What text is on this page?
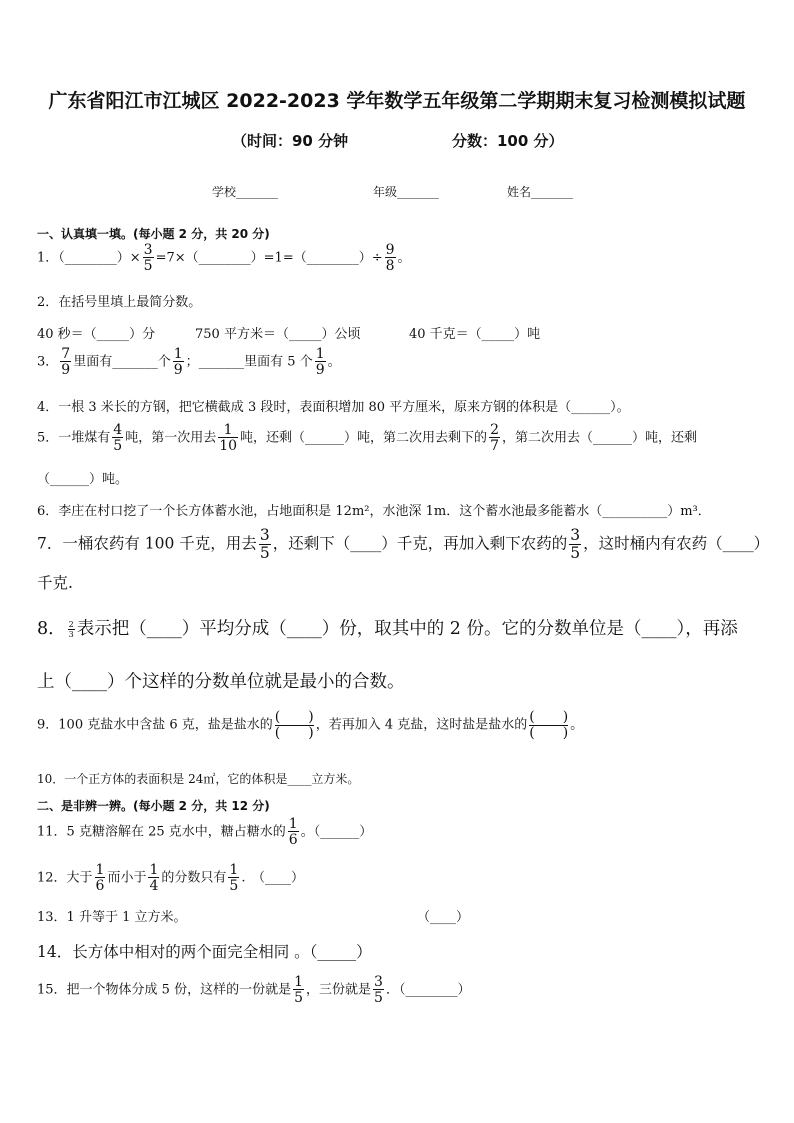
广东省阳江市江城区 2022-2023 学年数学五年级第二学期期末复习检测模拟试题
（时间：90 分钟	分数：100 分）
学校_______	年级_______	姓名_______
一、认真填一填。(每小题 2 分，共 20 分)
1．（________）× $\frac{3}{5}$ =7×（________）=1=（________）÷ $\frac{9}{8}$ 。
2．在括号里填上最简分数。
40 秒＝（_____）分	750 平方米＝（_____）公顷	40 千克＝（_____）吨
3． $\frac{7}{9}$ 里面有_______个 $\frac{1}{9}$ ；_______里面有 5 个 $\frac{1}{9}$ 。
4．一根 3 米长的方钢，把它横截成 3 段时，表面积增加 80 平方厘米，原来方钢的体积是（______）。
5．一堆煤有 $\frac{4}{5}$ 吨，第一次用去 $\frac{1}{10}$ 吨，还剩（______）吨，第二次用去剩下的 $\frac{2}{7}$ ，第二次用去（______）吨，还剩
（______）吨。
6．李庄在村口挖了一个长方体蓄水池，占地面积是 12m²，水池深 1m．这个蓄水池最多能蓄水（__________）m³．
7．一桶农药有 100 千克，用去 $\frac{3}{5}$ ，还剩下（____）千克，再加入剩下农药的 $\frac{3}{5}$ ，这时桶内有农药（____）
千克.
8． $\frac{2}{3}$ 表示把（____）平均分成（____）份，取其中的 2 份。它的分数单位是（____），再添
上（____）个这样的分数单位就是最小的合数。
9．100 克盐水中含盐 6 克，盐是盐水的
(　　)
(　　) ，若再加入 4 克盐，这时盐是盐水的
(　　)
(　　) 。
10．一个正方体的表面积是 24㎡，它的体积是____立方米。
二、是非辨一辨。(每小题 2 分，共 12 分)
11．5 克糖溶解在 25 克水中，糖占糖水的 $\frac{1}{6}$ 。（______）
12．大于 $\frac{1}{6}$ 而小于 $\frac{1}{4}$ 的分数只有 $\frac{1}{5}$ .　（____）
13．1 升等于 1 立方米。	（____）
14．长方体中相对的两个面完全相同 。（_____）
15．把一个物体分成 5 份，这样的一份就是 $\frac{1}{5}$ ，三份就是 $\frac{3}{5}$ ．（________）
